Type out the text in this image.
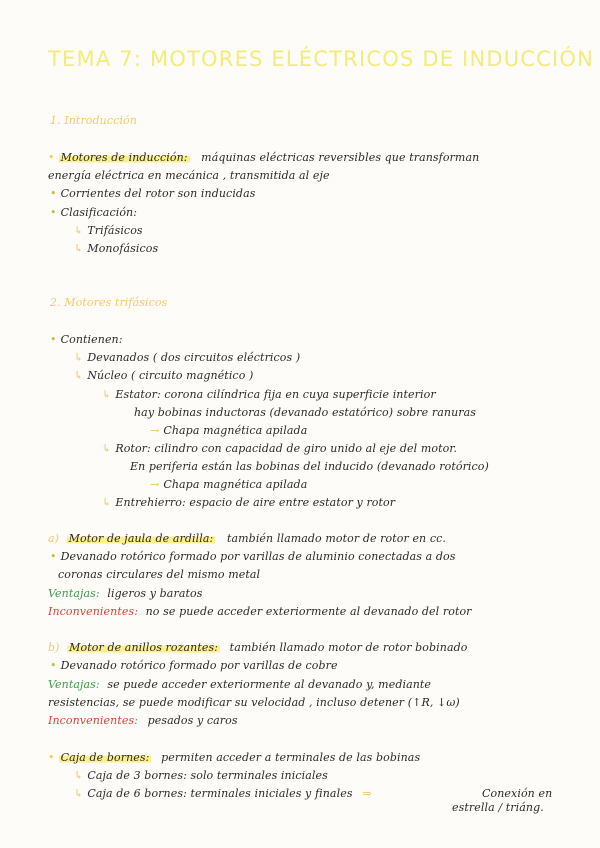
TEMA 7: MOTORES ELÉCTRICOS DE INDUCCIÓN
1. Introducción
• Motores de inducción: máquinas eléctricas reversibles que transforman
energía eléctrica en mecánica , transmitida al eje
• Corrientes del rotor son inducidas
• Clasificación:
↳ Trifásicos
↳ Monofásicos
2. Motores trifásicos
• Contienen:
↳ Devanados ( dos circuitos eléctricos )
↳ Núcleo ( circuito magnético )
↳ Estator: corona cilíndrica fija en cuya superficie interior
hay bobinas inductoras (devanado estatórico) sobre ranuras
→ Chapa magnética apilada
↳ Rotor: cilindro con capacidad de giro unido al eje del motor.
En periferia están las bobinas del inducido (devanado rotórico)
→ Chapa magnética apilada
↳ Entrehierro: espacio de aire entre estator y rotor
a) Motor de jaula de ardilla: también llamado motor de rotor en cc.
• Devanado rotórico formado por varillas de aluminio conectadas a dos
coronas circulares del mismo metal
Ventajas: ligeros y baratos
Inconvenientes: no se puede acceder exteriormente al devanado del rotor
b) Motor de anillos rozantes: también llamado motor de rotor bobinado
• Devanado rotórico formado por varillas de cobre
Ventajas: se puede acceder exteriormente al devanado y, mediante
resistencias, se puede modificar su velocidad , incluso detener (↑R, ↓ω)
Inconvenientes: pesados y caros
• Caja de bornes: permiten acceder a terminales de las bobinas
↳ Caja de 3 bornes: solo terminales iniciales
↳ Caja de 6 bornes: terminales iniciales y finales ⇒	Conexión en
estrella / triáng.
